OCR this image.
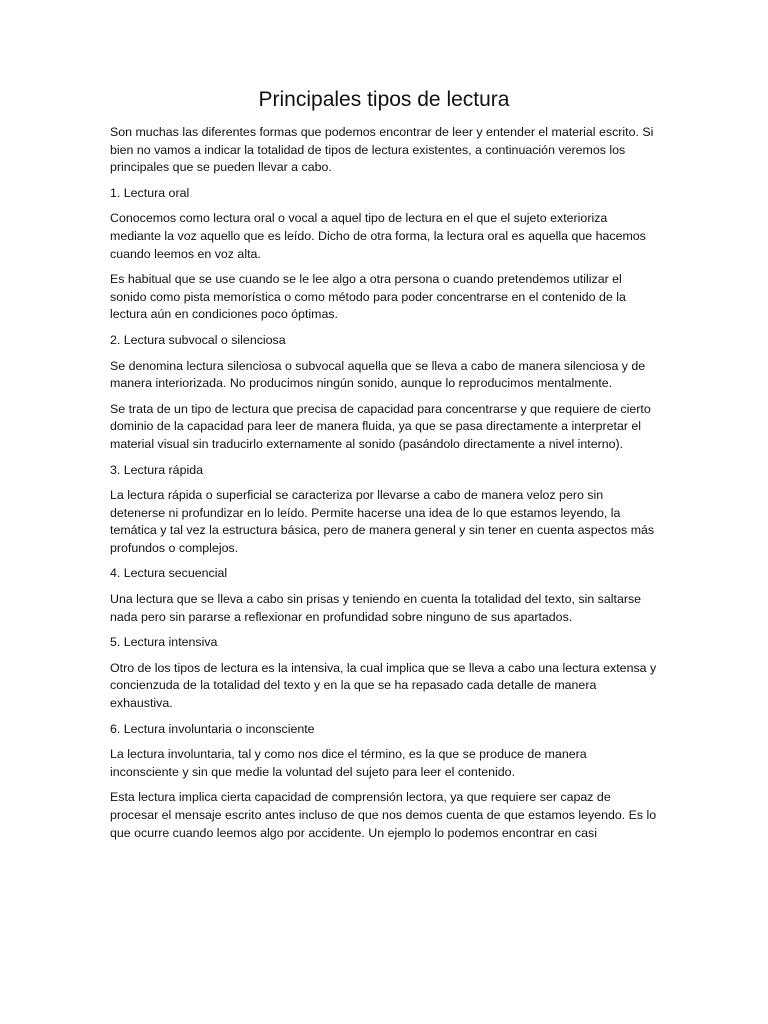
Principales tipos de lectura

Son muchas las diferentes formas que podemos encontrar de leer y entender el material escrito. Si bien no vamos a indicar la totalidad de tipos de lectura existentes, a continuación veremos los principales que se pueden llevar a cabo.

1. Lectura oral

Conocemos como lectura oral o vocal a aquel tipo de lectura en el que el sujeto exterioriza mediante la voz aquello que es leído. Dicho de otra forma, la lectura oral es aquella que hacemos cuando leemos en voz alta.

Es habitual que se use cuando se le lee algo a otra persona o cuando pretendemos utilizar el sonido como pista memorística o como método para poder concentrarse en el contenido de la lectura aún en condiciones poco óptimas.

2. Lectura subvocal o silenciosa

Se denomina lectura silenciosa o subvocal aquella que se lleva a cabo de manera silenciosa y de manera interiorizada. No producimos ningún sonido, aunque lo reproducimos mentalmente.

Se trata de un tipo de lectura que precisa de capacidad para concentrarse y que requiere de cierto dominio de la capacidad para leer de manera fluida, ya que se pasa directamente a interpretar el material visual sin traducirlo externamente al sonido (pasándolo directamente a nivel interno).

3. Lectura rápida

La lectura rápida o superficial se caracteriza por llevarse a cabo de manera veloz pero sin detenerse ni profundizar en lo leído. Permite hacerse una idea de lo que estamos leyendo, la temática y tal vez la estructura básica, pero de manera general y sin tener en cuenta aspectos más profundos o complejos.

4. Lectura secuencial

Una lectura que se lleva a cabo sin prisas y teniendo en cuenta la totalidad del texto, sin saltarse nada pero sin pararse a reflexionar en profundidad sobre ninguno de sus apartados.

5. Lectura intensiva

Otro de los tipos de lectura es la intensiva, la cual implica que se lleva a cabo una lectura extensa y concienzuda de la totalidad del texto y en la que se ha repasado cada detalle de manera exhaustiva.

6. Lectura involuntaria o inconsciente

La lectura involuntaria, tal y como nos dice el término, es la que se produce de manera inconsciente y sin que medie la voluntad del sujeto para leer el contenido.

Esta lectura implica cierta capacidad de comprensión lectora, ya que requiere ser capaz de procesar el mensaje escrito antes incluso de que nos demos cuenta de que estamos leyendo. Es lo que ocurre cuando leemos algo por accidente. Un ejemplo lo podemos encontrar en casi
